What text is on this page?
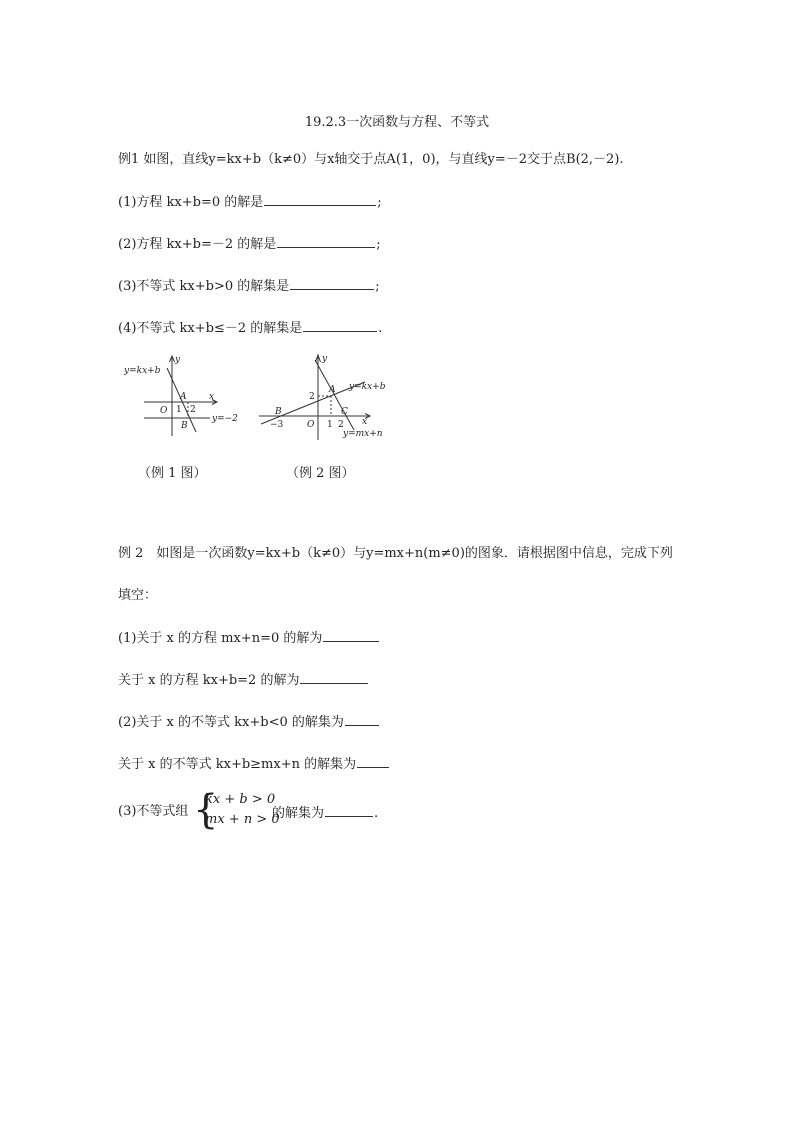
19.2.3一次函数与方程、不等式
例1 如图，直线y=kx+b（k≠0）与x轴交于点A(1，0)，与直线y=－2交于点B(2,－2).
(1)方程 kx+b=0 的解是	;
(2)方程 kx+b=－2 的解是	;
(3)不等式 kx+b>0 的解集是	;
(4)不等式 kx+b≤－2 的解集是	.
y=kx+b
y
x
O 1 2
A
B
y=−2
y
x
O
A
B	C
−3	1 2
2
y=kx+b
y=mx+n
（例 1 图）	（例 2 图）
例 2　如图是一次函数y=kx+b（k≠0）与y=mx+n(m≠0)的图象．请根据图中信息，完成下列
填空：
(1)关于 x 的方程 mx+n=0 的解为
关于 x 的方程 kx+b=2 的解为
(2)关于 x 的不等式 kx+b<0 的解集为
关于 x 的不等式 kx+b≥mx+n 的解集为
(3)不等式组 {
kx + b > 0
mx + n > 0
的解集为	.
